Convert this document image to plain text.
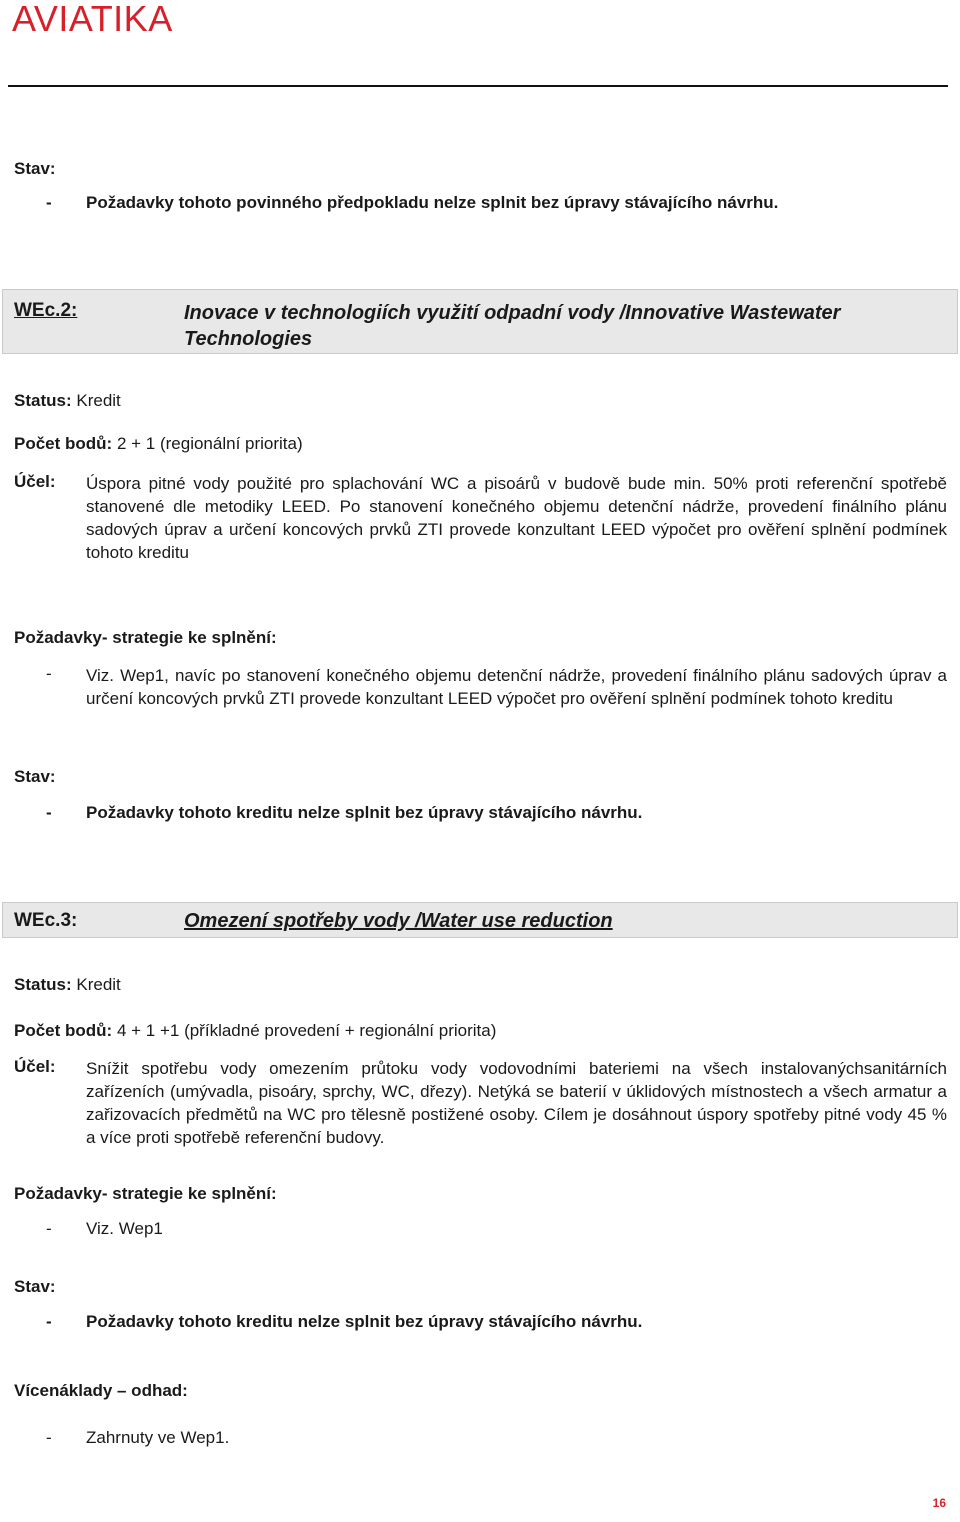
AVIATIKA
Stav:
- Požadavky tohoto povinného předpokladu nelze splnit bez úpravy stávajícího návrhu.
WEc.2:	Inovace v technologiích využití odpadní vody /Innovative Wastewater
Technologies
Status: Kredit
Počet bodů: 2 + 1 (regionální priorita)
Účel: Úspora pitné vody použité pro splachování WC a pisoárů v budově bude min. 50% proti referenční spotřebě stanovené dle metodiky LEED. Po stanovení konečného objemu detenční nádrže, provedení finálního plánu sadových úprav a určení koncových prvků ZTI provede konzultant LEED výpočet pro ověření splnění podmínek tohoto kreditu
Požadavky- strategie ke splnění:
- Viz. Wep1, navíc po stanovení konečného objemu detenční nádrže, provedení finálního plánu sadových úprav a určení koncových prvků ZTI provede konzultant LEED výpočet pro ověření splnění podmínek tohoto kreditu
Stav:
- Požadavky tohoto kreditu nelze splnit bez úpravy stávajícího návrhu.
WEc.3:	Omezení spotřeby vody /Water use reduction
Status: Kredit
Počet bodů: 4 + 1 +1 (příkladné provedení + regionální priorita)
Účel: Snížit spotřebu vody omezením průtoku vody vodovodními bateriemi na všech instalovanýchsanitárních zařízeních (umývadla, pisoáry, sprchy, WC, dřezy). Netýká se baterií v úklidových místnostech a všech armatur a zařizovacích předmětů na WC pro tělesně postižené osoby. Cílem je dosáhnout úspory spotřeby pitné vody 45 % a více proti spotřebě referenční budovy.
Požadavky- strategie ke splnění:
- Viz. Wep1
Stav:
- Požadavky tohoto kreditu nelze splnit bez úpravy stávajícího návrhu.
Vícenáklady – odhad:
- Zahrnuty ve Wep1.
16
